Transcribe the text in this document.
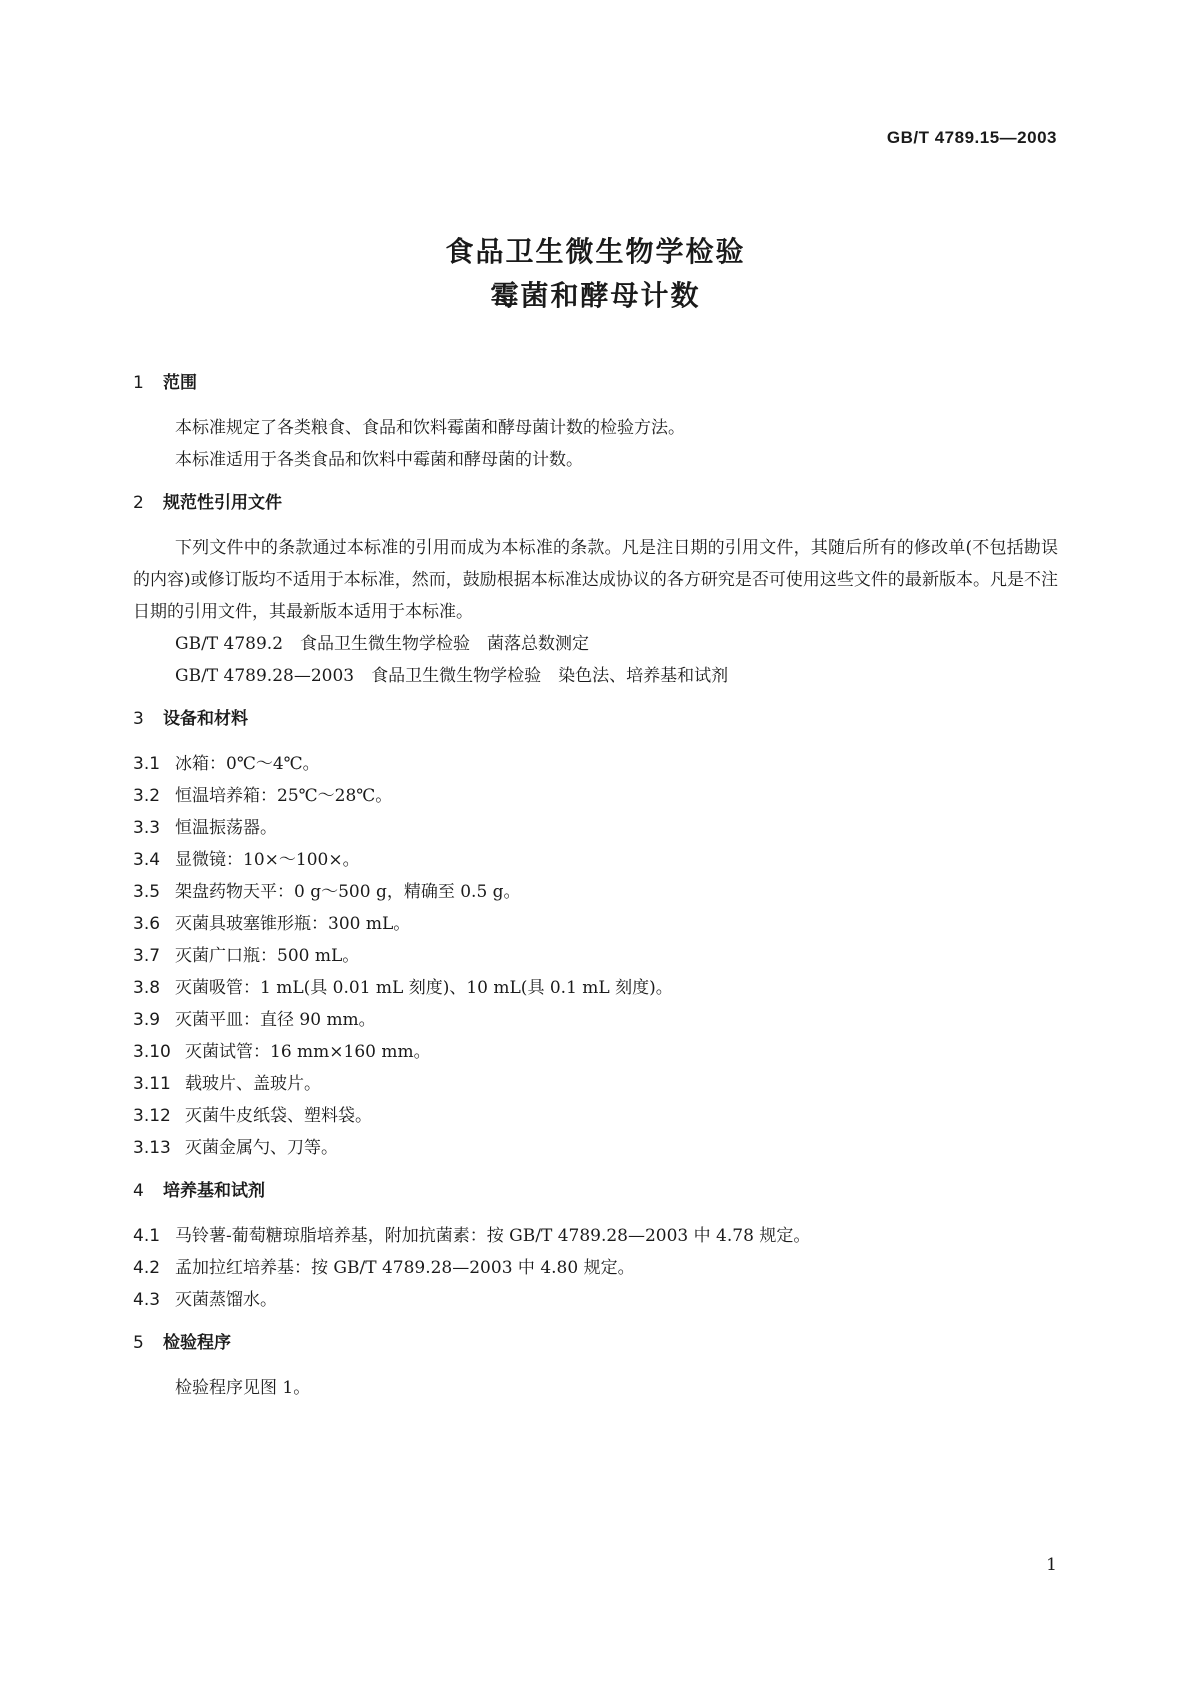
GB/T 4789.15—2003
食品卫生微生物学检验
霉菌和酵母计数
1 范围

本标准规定了各类粮食、食品和饮料霉菌和酵母菌计数的检验方法。

本标准适用于各类食品和饮料中霉菌和酵母菌的计数。

2 规范性引用文件

下列文件中的条款通过本标准的引用而成为本标准的条款。凡是注日期的引用文件，其随后所有的修改单(不包括勘误的内容)或修订版均不适用于本标准，然而，鼓励根据本标准达成协议的各方研究是否可使用这些文件的最新版本。凡是不注日期的引用文件，其最新版本适用于本标准。

GB/T 4789.2　食品卫生微生物学检验　菌落总数测定
GB/T 4789.28—2003　食品卫生微生物学检验　染色法、培养基和试剂
3 设备和材料
3.1 冰箱：0℃～4℃。
3.2 恒温培养箱：25℃～28℃。
3.3 恒温振荡器。
3.4 显微镜：10×～100×。
3.5 架盘药物天平：0 g～500 g，精确至 0.5 g。
3.6 灭菌具玻塞锥形瓶：300 mL。
3.7 灭菌广口瓶：500 mL。
3.8 灭菌吸管：1 mL(具 0.01 mL 刻度)、10 mL(具 0.1 mL 刻度)。
3.9 灭菌平皿：直径 90 mm。
3.10 灭菌试管：16 mm×160 mm。
3.11 载玻片、盖玻片。
3.12 灭菌牛皮纸袋、塑料袋。
3.13 灭菌金属勺、刀等。
4 培养基和试剂
4.1 马铃薯-葡萄糖琼脂培养基，附加抗菌素：按 GB/T 4789.28—2003 中 4.78 规定。
4.2 孟加拉红培养基：按 GB/T 4789.28—2003 中 4.80 规定。
4.3 灭菌蒸馏水。
5 检验程序

检验程序见图 1。

1
